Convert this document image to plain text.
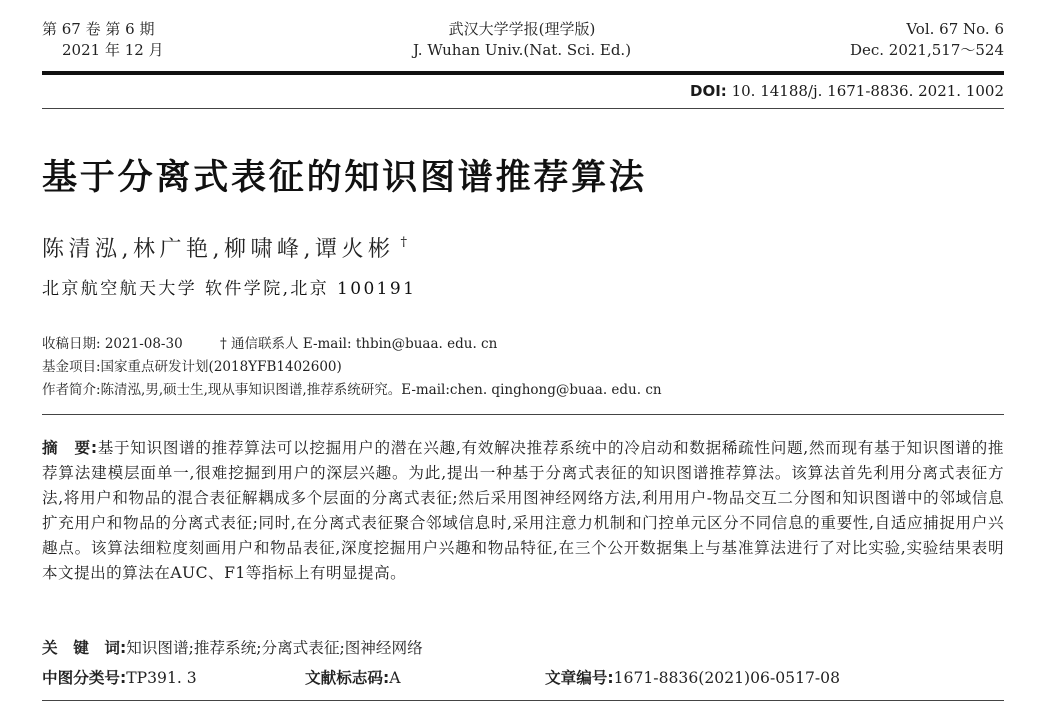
第 67 卷 第 6 期
2021 年 12 月
武汉大学学报(理学版)
J. Wuhan Univ.(Nat. Sci. Ed.)
Vol. 67 No. 6
Dec. 2021,517～524
DOI: 10. 14188/j. 1671-8836. 2021. 1002
基于分离式表征的知识图谱推荐算法
陈清泓,林广艳,柳啸峰,谭火彬 †
北京航空航天大学 软件学院,北京 100191
收稿日期: 2021-08-30	† 通信联系人 E-mail: thbin@buaa. edu. cn
基金项目:国家重点研发计划(2018YFB1402600)
作者简介:陈清泓,男,硕士生,现从事知识图谱,推荐系统研究。E-mail:chen. qinghong@buaa. edu. cn

摘　要:基于知识图谱的推荐算法可以挖掘用户的潜在兴趣,有效解决推荐系统中的冷启动和数据稀疏性问题,然而现有基于知识图谱的推荐算法建模层面单一,很难挖掘到用户的深层兴趣。为此,提出一种基于分离式表征的知识图谱推荐算法。该算法首先利用分离式表征方法,将用户和物品的混合表征解耦成多个层面的分离式表征;然后采用图神经网络方法,利用用户-物品交互二分图和知识图谱中的邻域信息扩充用户和物品的分离式表征;同时,在分离式表征聚合邻域信息时,采用注意力机制和门控单元区分不同信息的重要性,自适应捕捉用户兴趣点。该算法细粒度刻画用户和物品表征,深度挖掘用户兴趣和物品特征,在三个公开数据集上与基准算法进行了对比实验,实验结果表明本文提出的算法在AUC、F1等指标上有明显提高。

关　键　词:知识图谱;推荐系统;分离式表征;图神经网络
中图分类号:TP391. 3	文献标志码:A	文章编号:1671-8836(2021)06-0517-08
